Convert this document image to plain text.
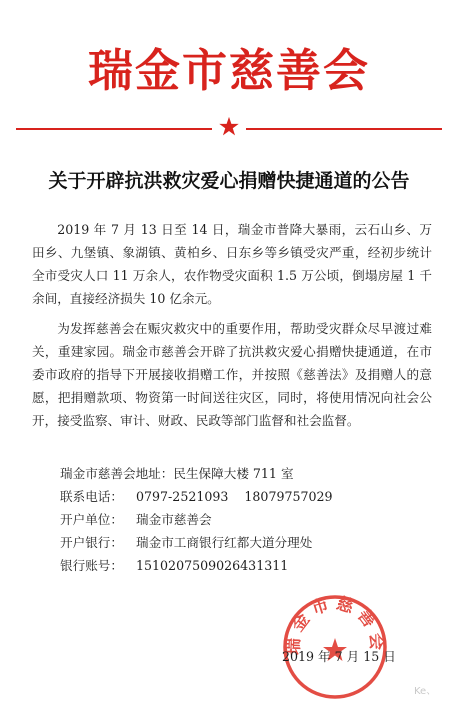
瑞金市慈善会
关于开辟抗洪救灾爱心捐赠快捷通道的公告

2019 年 7 月 13 日至 14 日，瑞金市普降大暴雨，云石山乡、万田乡、九堡镇、象湖镇、黄柏乡、日东乡等乡镇受灾严重，经初步统计全市受灾人口 11 万余人，农作物受灾面积 1.5 万公顷，倒塌房屋 1 千余间，直接经济损失 10 亿余元。

为发挥慈善会在赈灾救灾中的重要作用，帮助受灾群众尽早渡过难关，重建家园。瑞金市慈善会开辟了抗洪救灾爱心捐赠快捷通道，在市委市政府的指导下开展接收捐赠工作，并按照《慈善法》及捐赠人的意愿，把捐赠款项、物资第一时间送往灾区，同时，将使用情况向社会公开，接受监察、审计、财政、民政等部门监督和社会监督。

瑞金市慈善会地址：民生保障大楼 711 室
联系电话： 0797-2521093    18079757029
开户单位： 瑞金市慈善会
开户银行： 瑞金市工商银行红都大道分理处
银行账号： 1510207509026431311
瑞金市慈善会
2019 年 7 月 15 日
Ke、
